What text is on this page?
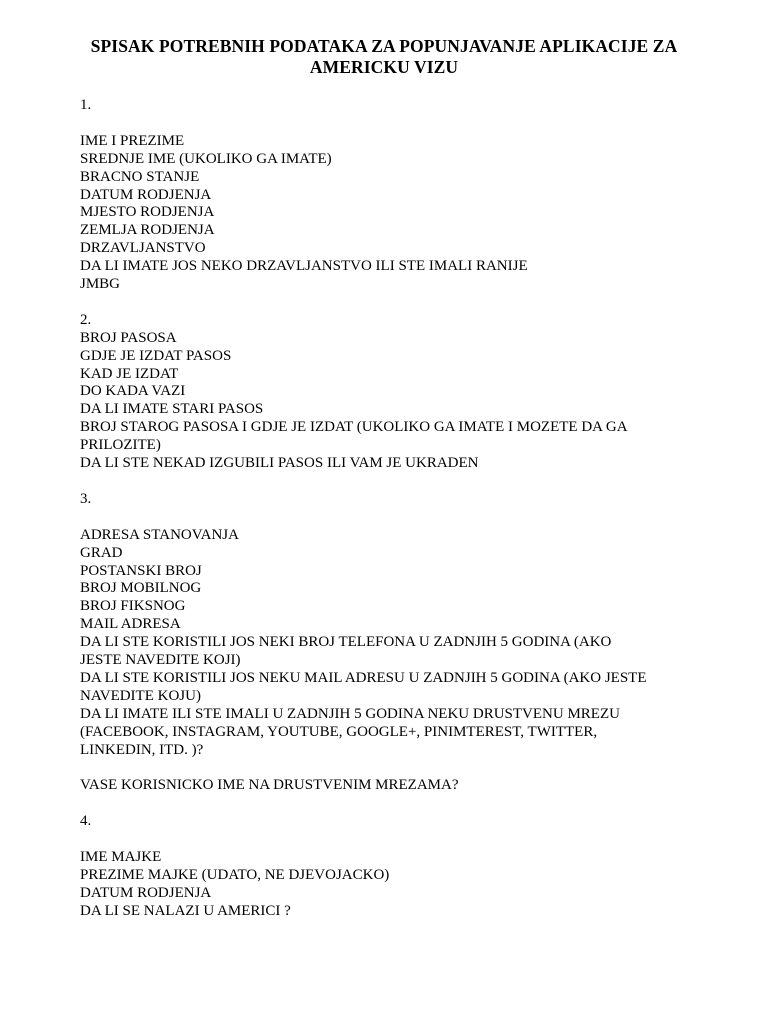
SPISAK POTREBNIH PODATAKA ZA POPUNJAVANJE APLIKACIJE ZA
AMERICKU VIZU
1.
IME I PREZIME
SREDNJE IME (UKOLIKO GA IMATE)
BRACNO STANJE
DATUM RODJENJA
MJESTO RODJENJA
ZEMLJA RODJENJA
DRZAVLJANSTVO
DA LI IMATE JOS NEKO DRZAVLJANSTVO ILI STE IMALI RANIJE
JMBG
2.
BROJ PASOSA
GDJE JE IZDAT PASOS
KAD JE IZDAT
DO KADA VAZI
DA LI IMATE STARI PASOS
BROJ STAROG PASOSA I GDJE JE IZDAT (UKOLIKO GA IMATE I MOZETE DA GA
PRILOZITE)
DA LI STE NEKAD IZGUBILI PASOS ILI VAM JE UKRADEN
3.
ADRESA STANOVANJA
GRAD
POSTANSKI BROJ
BROJ MOBILNOG
BROJ FIKSNOG
MAIL ADRESA
DA LI STE KORISTILI JOS NEKI BROJ TELEFONA U ZADNJIH 5 GODINA (AKO
JESTE NAVEDITE KOJI)
DA LI STE KORISTILI JOS NEKU MAIL ADRESU U ZADNJIH 5 GODINA (AKO JESTE
NAVEDITE KOJU)
DA LI IMATE ILI STE IMALI U ZADNJIH 5 GODINA NEKU DRUSTVENU MREZU
(FACEBOOK, INSTAGRAM, YOUTUBE, GOOGLE+, PINIMTEREST, TWITTER,
LINKEDIN, ITD. )?
VASE KORISNICKO IME NA DRUSTVENIM MREZAMA?
4.
IME MAJKE
PREZIME MAJKE (UDATO, NE DJEVOJACKO)
DATUM RODJENJA
DA LI SE NALAZI U AMERICI ?
